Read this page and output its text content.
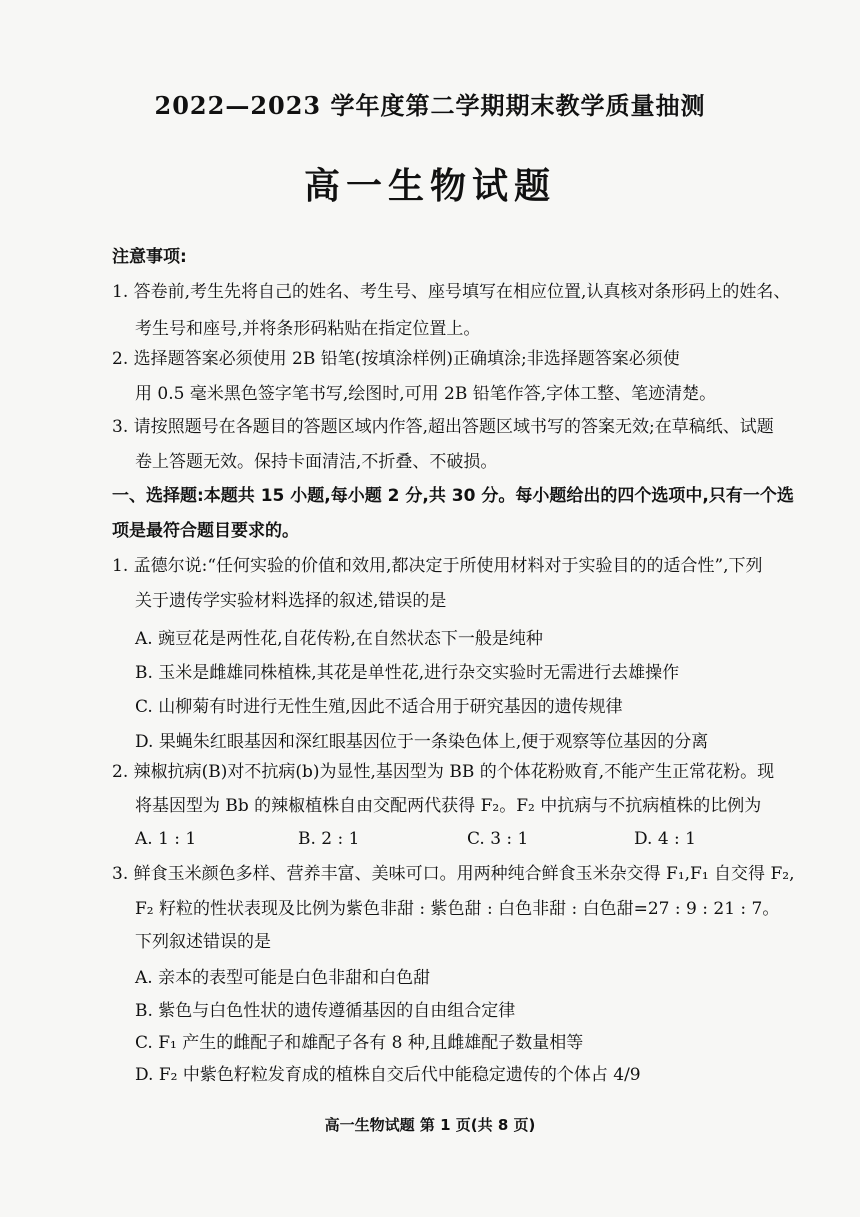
2022—2023 学年度第二学期期末教学质量抽测
高一生物试题
注意事项:
1. 答卷前,考生先将自己的姓名、考生号、座号填写在相应位置,认真核对条形码上的姓名、
考生号和座号,并将条形码粘贴在指定位置上。
2. 选择题答案必须使用 2B 铅笔(按填涂样例)正确填涂;非选择题答案必须使
用 0.5 毫米黑色签字笔书写,绘图时,可用 2B 铅笔作答,字体工整、笔迹清楚。
3. 请按照题号在各题目的答题区域内作答,超出答题区域书写的答案无效;在草稿纸、试题
卷上答题无效。保持卡面清洁,不折叠、不破损。
一、选择题:本题共 15 小题,每小题 2 分,共 30 分。每小题给出的四个选项中,只有一个选
项是最符合题目要求的。
1. 孟德尔说:“任何实验的价值和效用,都决定于所使用材料对于实验目的的适合性”,下列
关于遗传学实验材料选择的叙述,错误的是
A. 豌豆花是两性花,自花传粉,在自然状态下一般是纯种
B. 玉米是雌雄同株植株,其花是单性花,进行杂交实验时无需进行去雄操作
C. 山柳菊有时进行无性生殖,因此不适合用于研究基因的遗传规律
D. 果蝇朱红眼基因和深红眼基因位于一条染色体上,便于观察等位基因的分离
2. 辣椒抗病(B)对不抗病(b)为显性,基因型为 BB 的个体花粉败育,不能产生正常花粉。现
将基因型为 Bb 的辣椒植株自由交配两代获得 F₂。F₂ 中抗病与不抗病植株的比例为
A. 1 : 1	B. 2 : 1	C. 3 : 1	D. 4 : 1
3. 鲜食玉米颜色多样、营养丰富、美味可口。用两种纯合鲜食玉米杂交得 F₁,F₁ 自交得 F₂,
F₂ 籽粒的性状表现及比例为紫色非甜 : 紫色甜 : 白色非甜 : 白色甜=27 : 9 : 21 : 7。
下列叙述错误的是
A. 亲本的表型可能是白色非甜和白色甜
B. 紫色与白色性状的遗传遵循基因的自由组合定律
C. F₁ 产生的雌配子和雄配子各有 8 种,且雌雄配子数量相等
D. F₂ 中紫色籽粒发育成的植株自交后代中能稳定遗传的个体占 4/9
高一生物试题 第 1 页(共 8 页)
